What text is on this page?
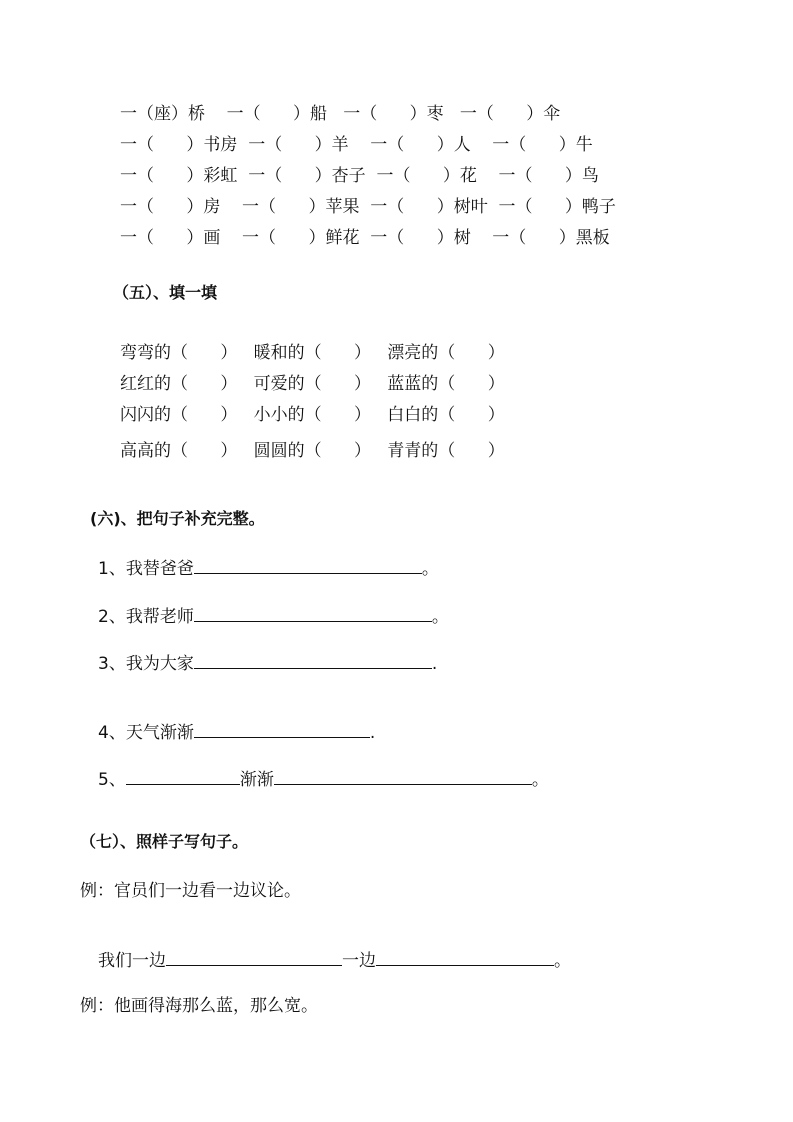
一（座）桥    一（      ）船   一（      ）枣   一（      ）伞
一（      ）书房  一（      ）羊    一（      ）人    一（      ）牛
一（      ）彩虹  一（      ）杏子  一（      ）花    一（      ）鸟
一（      ）房    一（      ）苹果  一（      ）树叶  一（      ）鸭子
一（      ）画    一（      ）鲜花  一（      ）树    一（      ）黑板
（五）、填一填
弯弯的（      ）   暖和的（      ）   漂亮的（      ）
红红的（      ）   可爱的（      ）   蓝蓝的（      ）
闪闪的（      ）   小小的（      ）   白白的（      ）
高高的（      ）   圆圆的（      ）   青青的（      ）
(六)、把句子补充完整。
1、我替爸爸	。
2、我帮老师	。
3、我为大家	.
4、天气渐渐	.
5、	渐渐	。
（七）、照样子写句子。
例：官员们一边看一边议论。
我们一边	一边	。
例：他画得海那么蓝，那么宽。
